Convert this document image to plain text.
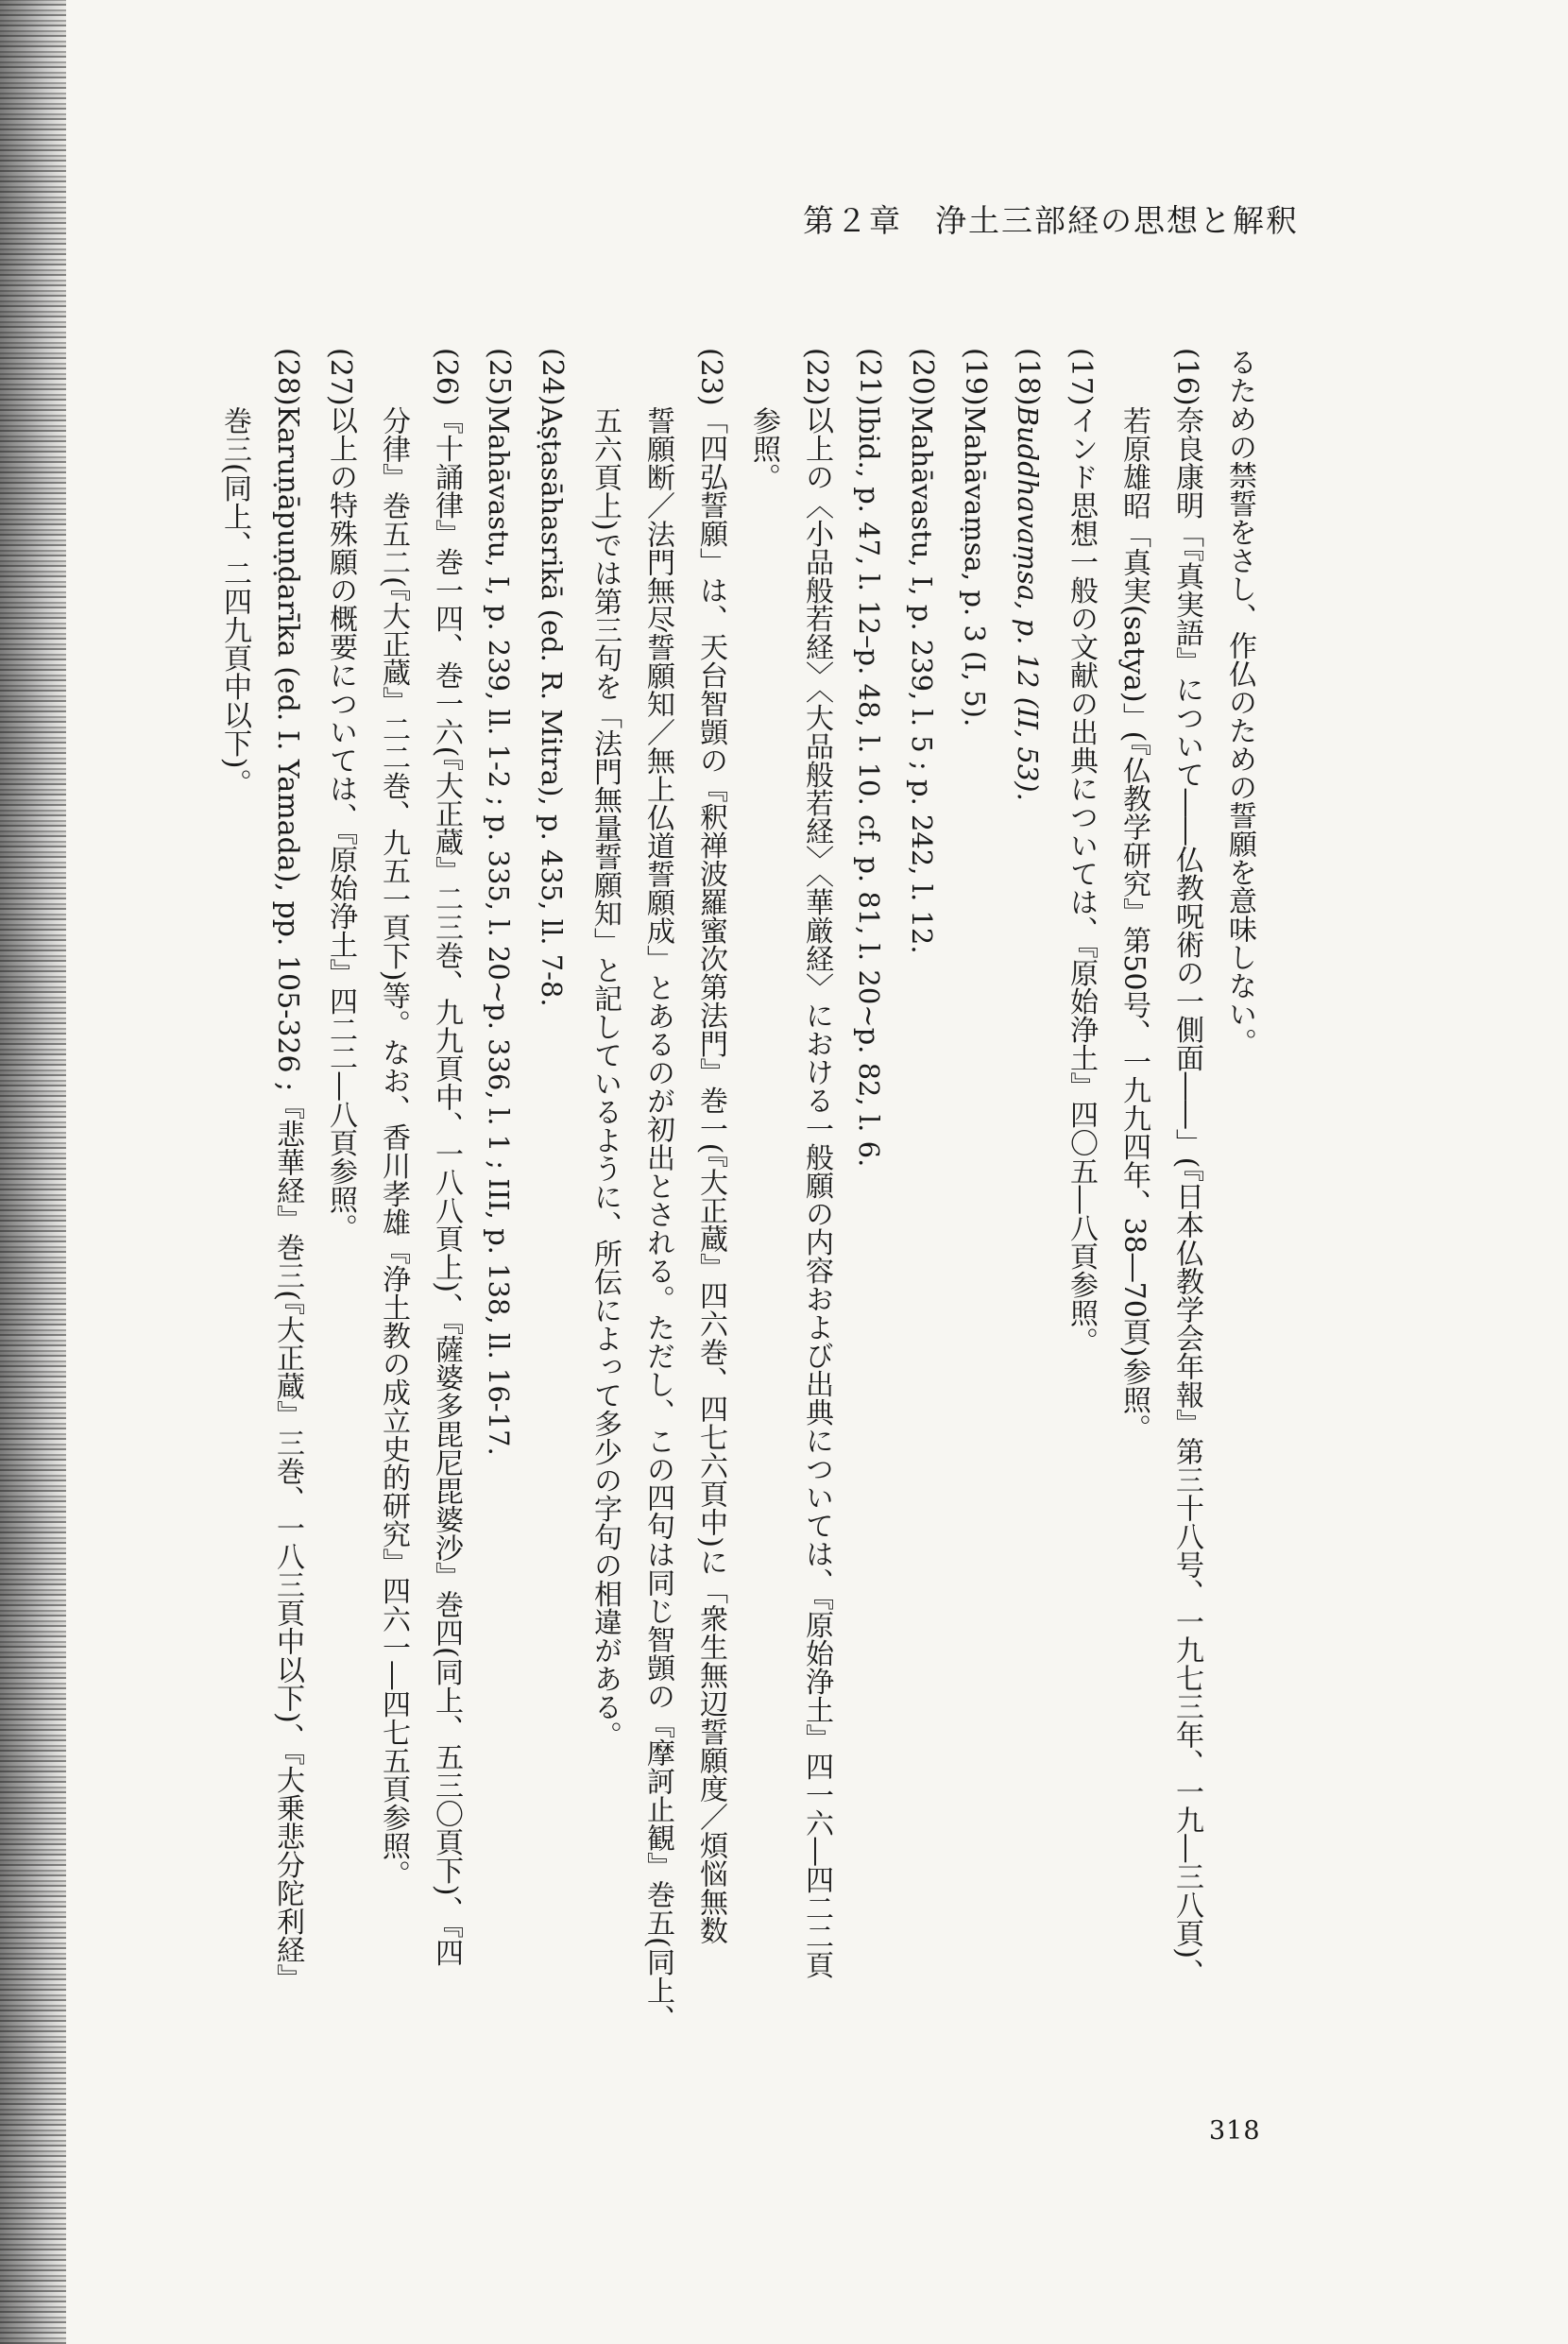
第２章　浄土三部経の思想と解釈
るための禁誓をさし、作仏のための誓願を意味しない。
(16)奈良康明「『真実語』について――仏教呪術の一側面――」(『日本仏教学会年報』第三十八号、一九七三年、一九―三八頁)、
若原雄昭「真実(satya)」(『仏教学研究』第50号、一九九四年、38―70頁)参照。
(17)インド思想一般の文献の出典については、『原始浄土』四〇五―八頁参照。
(18)Buddhavaṃsa, p. 12 (II, 53).
(19)Mahāvaṃsa, p. 3 (I, 5).
(20)Mahāvastu, I, p. 239, l. 5 ; p. 242, l. 12.
(21)Ibid., p. 47, l. 12–p. 48, l. 10. cf. p. 81, l. 20~p. 82, l. 6.
(22)以上の〈小品般若経〉〈大品般若経〉〈華厳経〉における一般願の内容および出典については、『原始浄土』四一六―四二二頁
参照。
(23)「四弘誓願」は、天台智顗の『釈禅波羅蜜次第法門』巻一(『大正蔵』四六巻、四七六頁中)に「衆生無辺誓願度／煩悩無数
誓願断／法門無尽誓願知／無上仏道誓願成」とあるのが初出とされる。ただし、この四句は同じ智顗の『摩訶止観』巻五(同上、
五六頁上)では第三句を「法門無量誓願知」と記しているように、所伝によって多少の字句の相違がある。
(24)Aṣṭasāhasrikā (ed. R. Mitra), p. 435, ll. 7-8.
(25)Mahāvastu, I, p. 239, ll. 1-2 ; p. 335, l. 20~p. 336, l. 1 ; III, p. 138, ll. 16-17.
(26)『十誦律』巻一四、巻一六(『大正蔵』二三巻、九九頁中、一八八頁上)、『薩婆多毘尼毘婆沙』巻四(同上、五三〇頁下)、『四
分律』巻五二(『大正蔵』二二巻、九五一頁下)等。なお、香川孝雄『浄土教の成立史的研究』四六一―四七五頁参照。
(27)以上の特殊願の概要については、『原始浄土』四二二―八頁参照。
(28)Karuṇāpuṇḍarīka (ed. I. Yamada), pp. 105-326 ;『悲華経』巻三(『大正蔵』三巻、一八三頁中以下)、『大乗悲分陀利経』
巻三(同上、二四九頁中以下)。
318
